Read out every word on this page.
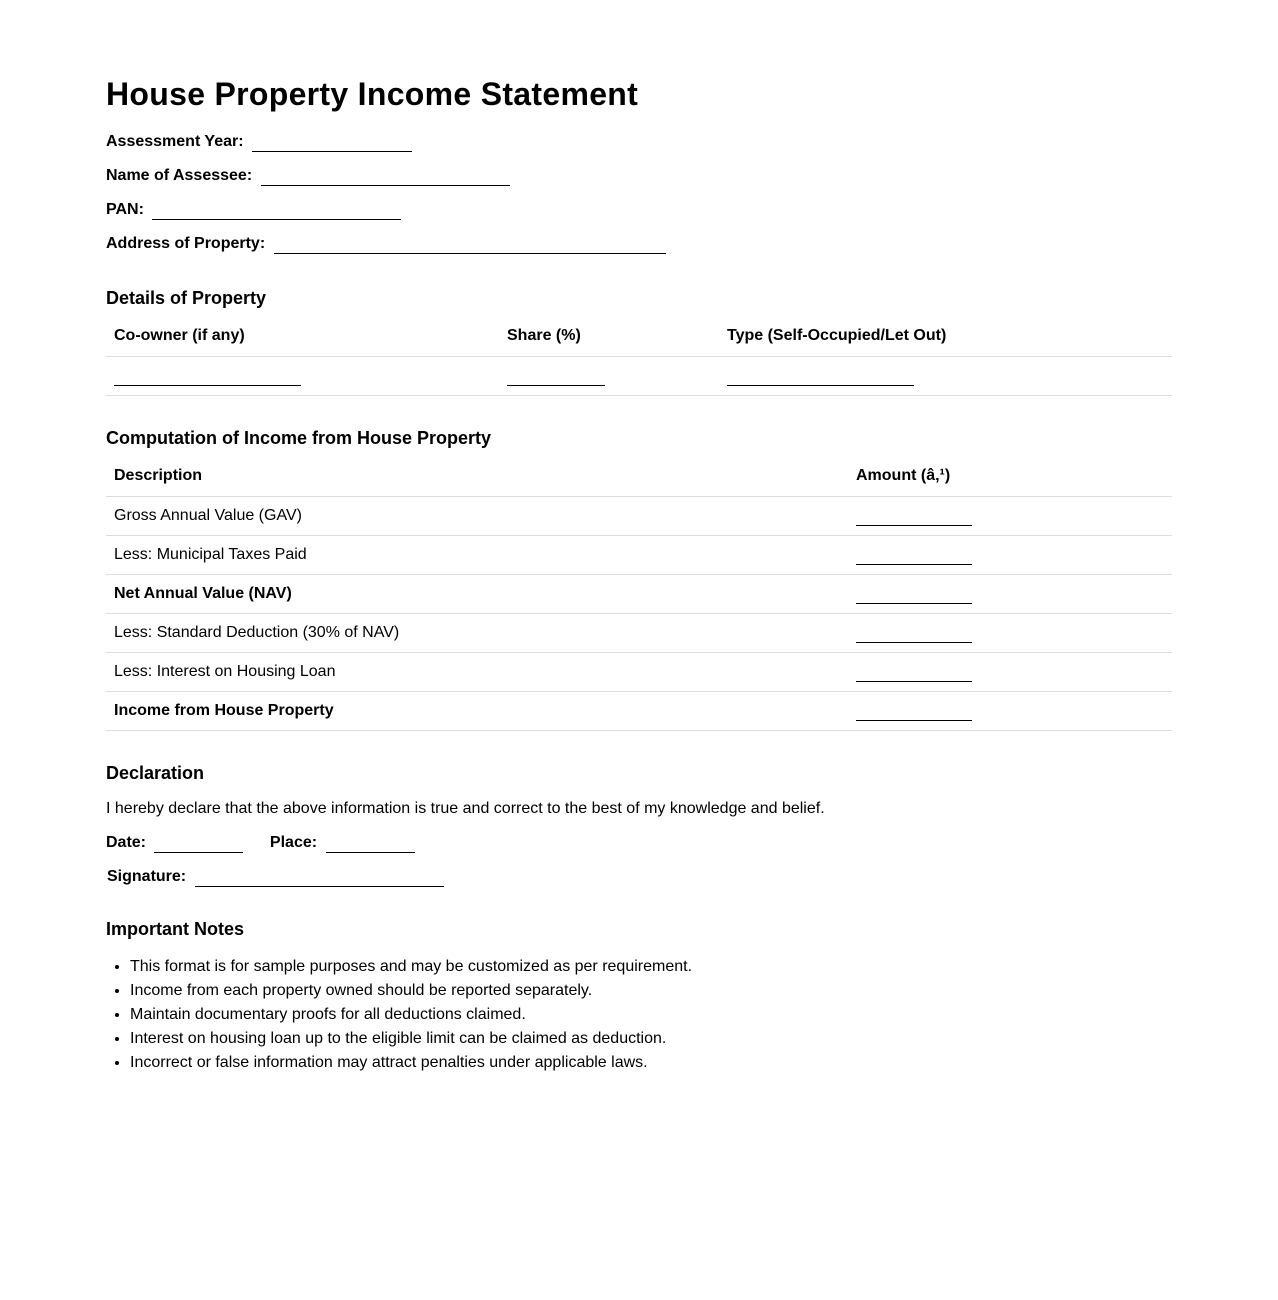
House Property Income Statement
Assessment Year:
Name of Assessee:
PAN:
Address of Property:
Details of Property
Co-owner (if any)	Share (%)	Type (Self-Occupied/Let Out)

Computation of Income from House Property
Description	Amount (â‚¹)
Gross Annual Value (GAV)	
Less: Municipal Taxes Paid	
Net Annual Value (NAV)	
Less: Standard Deduction (30% of NAV)	
Less: Interest on Housing Loan	
Income from House Property	
Declaration
I hereby declare that the above information is true and correct to the best of my knowledge and belief.
Date:	Place:
Signature:
Important Notes
• This format is for sample purposes and may be customized as per requirement.
• Income from each property owned should be reported separately.
• Maintain documentary proofs for all deductions claimed.
• Interest on housing loan up to the eligible limit can be claimed as deduction.
• Incorrect or false information may attract penalties under applicable laws.
